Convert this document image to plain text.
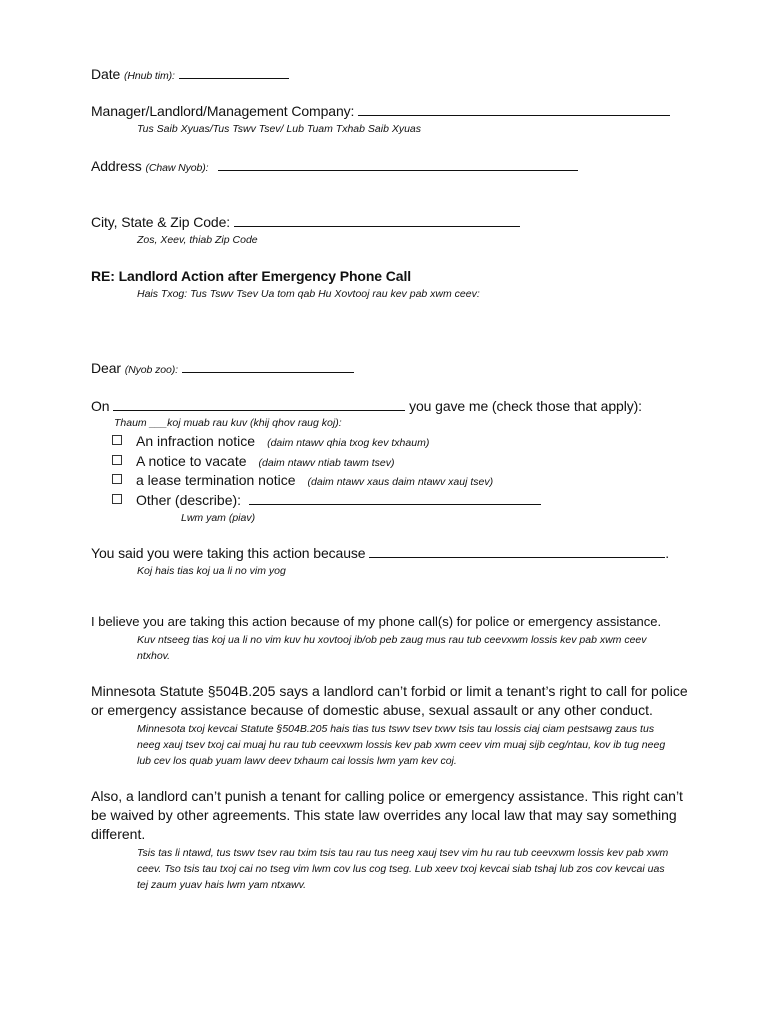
Date (Hnub tim):
Manager/Landlord/Management Company:
Tus Saib Xyuas/Tus Tswv Tsev/ Lub Tuam Txhab Saib Xyuas
Address (Chaw Nyob):
City, State & Zip Code:
Zos, Xeev, thiab Zip Code
RE: Landlord Action after Emergency Phone Call
Hais Txog: Tus Tswv Tsev Ua tom qab Hu Xovtooj rau kev pab xwm ceev:
Dear (Nyob zoo):
On	you gave me (check those that apply):
Thaum ___koj muab rau kuv (khij qhov raug koj):
An infraction notice (daim ntawv qhia txog kev txhaum)
A notice to vacate (daim ntawv ntiab tawm tsev)
a lease termination notice (daim ntawv xaus daim ntawv xauj tsev)
Other (describe):
Lwm yam (piav)
You said you were taking this action because	.
Koj hais tias koj ua li no vim yog
I believe you are taking this action because of my phone call(s) for police or emergency assistance.
Kuv ntseeg tias koj ua li no vim kuv hu xovtooj ib/ob peb zaug mus rau tub ceevxwm lossis kev pab xwm ceev ntxhov.
Minnesota Statute §504B.205 says a landlord can’t forbid or limit a tenant’s right to call for police or emergency assistance because of domestic abuse, sexual assault or any other conduct.
Minnesota txoj kevcai Statute §504B.205 hais tias tus tswv tsev txwv tsis tau lossis ciaj ciam pestsawg zaus tus neeg xauj tsev txoj cai muaj hu rau tub ceevxwm lossis kev pab xwm ceev vim muaj sijb ceg/ntau, kov ib tug neeg lub cev los quab yuam lawv deev txhaum cai lossis lwm yam kev coj.
Also, a landlord can’t punish a tenant for calling police or emergency assistance. This right can’t be waived by other agreements. This state law overrides any local law that may say something different.
Tsis tas li ntawd, tus tswv tsev rau txim tsis tau rau tus neeg xauj tsev vim hu rau tub ceevxwm lossis kev pab xwm ceev. Tso tsis tau txoj cai no tseg vim lwm cov lus cog tseg. Lub xeev txoj kevcai siab tshaj lub zos cov kevcai uas tej zaum yuav hais lwm yam ntxawv.
